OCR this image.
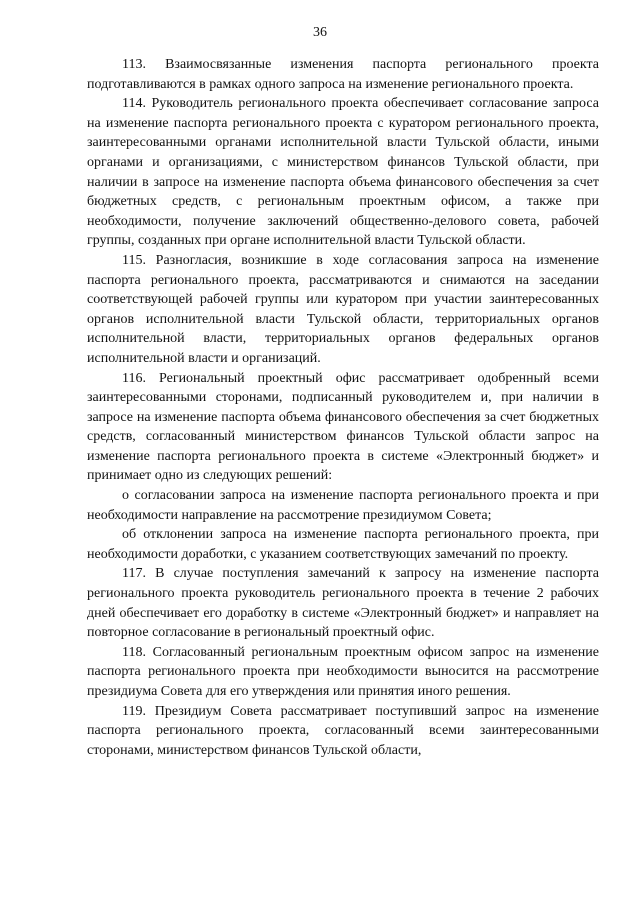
36

113. Взаимосвязанные изменения паспорта регионального проекта подготавливаются в рамках одного запроса на изменение регионального проекта.

114. Руководитель регионального проекта обеспечивает согласование запроса на изменение паспорта регионального проекта с куратором регионального проекта, заинтересованными органами исполнительной власти Тульской области, иными органами и организациями, с министерством финансов Тульской области, при наличии в запросе на изменение паспорта объема финансового обеспечения за счет бюджетных средств, с региональным проектным офисом, а также при необходимости, получение заключений общественно-делового совета, рабочей группы, созданных при органе исполнительной власти Тульской области.

115. Разногласия, возникшие в ходе согласования запроса на изменение паспорта регионального проекта, рассматриваются и снимаются на заседании соответствующей рабочей группы или куратором при участии заинтересованных органов исполнительной власти Тульской области, территориальных органов исполнительной власти, территориальных органов федеральных органов исполнительной власти и организаций.

116. Региональный проектный офис рассматривает одобренный всеми заинтересованными сторонами, подписанный руководителем и, при наличии в запросе на изменение паспорта объема финансового обеспечения за счет бюджетных средств, согласованный министерством финансов Тульской области запрос на изменение паспорта регионального проекта в системе «Электронный бюджет» и принимает одно из следующих решений:

о согласовании запроса на изменение паспорта регионального проекта и при необходимости направление на рассмотрение президиумом Совета;

об отклонении запроса на изменение паспорта регионального проекта, при необходимости доработки, с указанием соответствующих замечаний по проекту.

117. В случае поступления замечаний к запросу на изменение паспорта регионального проекта руководитель регионального проекта в течение 2 рабочих дней обеспечивает его доработку в системе «Электронный бюджет» и направляет на повторное согласование в региональный проектный офис.

118. Согласованный региональным проектным офисом запрос на изменение паспорта регионального проекта при необходимости выносится на рассмотрение президиума Совета для его утверждения или принятия иного решения.

119. Президиум Совета рассматривает поступивший запрос на изменение паспорта регионального проекта, согласованный всеми заинтересованными сторонами, министерством финансов Тульской области,
